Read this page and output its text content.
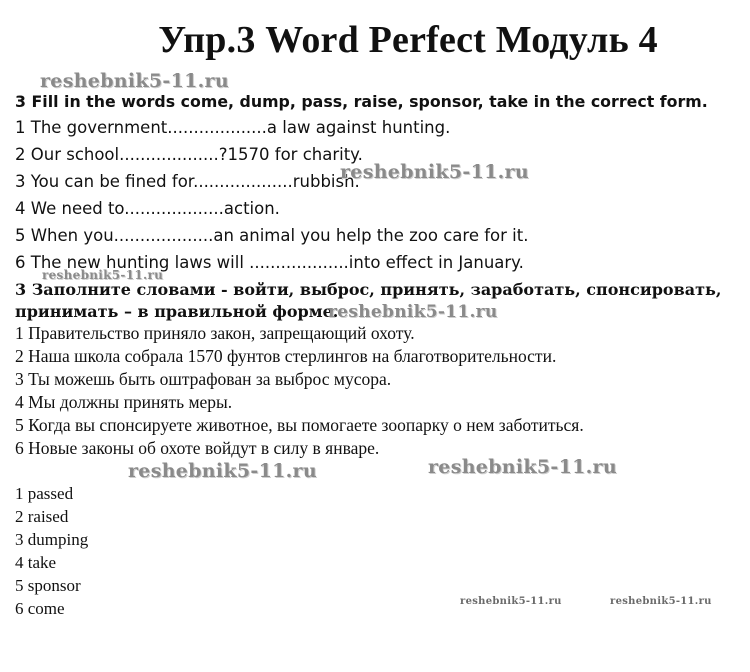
Упр.3 Word Perfect Модуль 4
reshebnik5-11.ru
3 Fill in the words come, dump, pass, raise, sponsor, take in the correct form.
1 The government...................a law against hunting.
2 Our school...................?1570 for charity.
3 You can be fined for...................rubbish.
reshebnik5-11.ru
4 We need to...................action.
5 When you...................an animal you help the zoo care for it.
6 The new hunting laws will ...................into effect in January.
reshebnik5-11.ru
3 Заполните словами - войти, выброс, принять, заработать, спонсировать,
принимать – в правильной форме.
reshebnik5-11.ru
1 Правительство приняло закон, запрещающий охоту.
2 Наша школа собрала 1570 фунтов стерлингов на благотворительности.
3 Ты можешь быть оштрафован за выброс мусора.
4 Мы должны принять меры.
5 Когда вы спонсируете животное, вы помогаете зоопарку о нем заботиться.
6 Новые законы об охоте войдут в силу в январе.
reshebnik5-11.ru	reshebnik5-11.ru
1 passed
2 raised
3 dumping
4 take
5 sponsor
6 come	reshebnik5-11.ru	reshebnik5-11.ru
